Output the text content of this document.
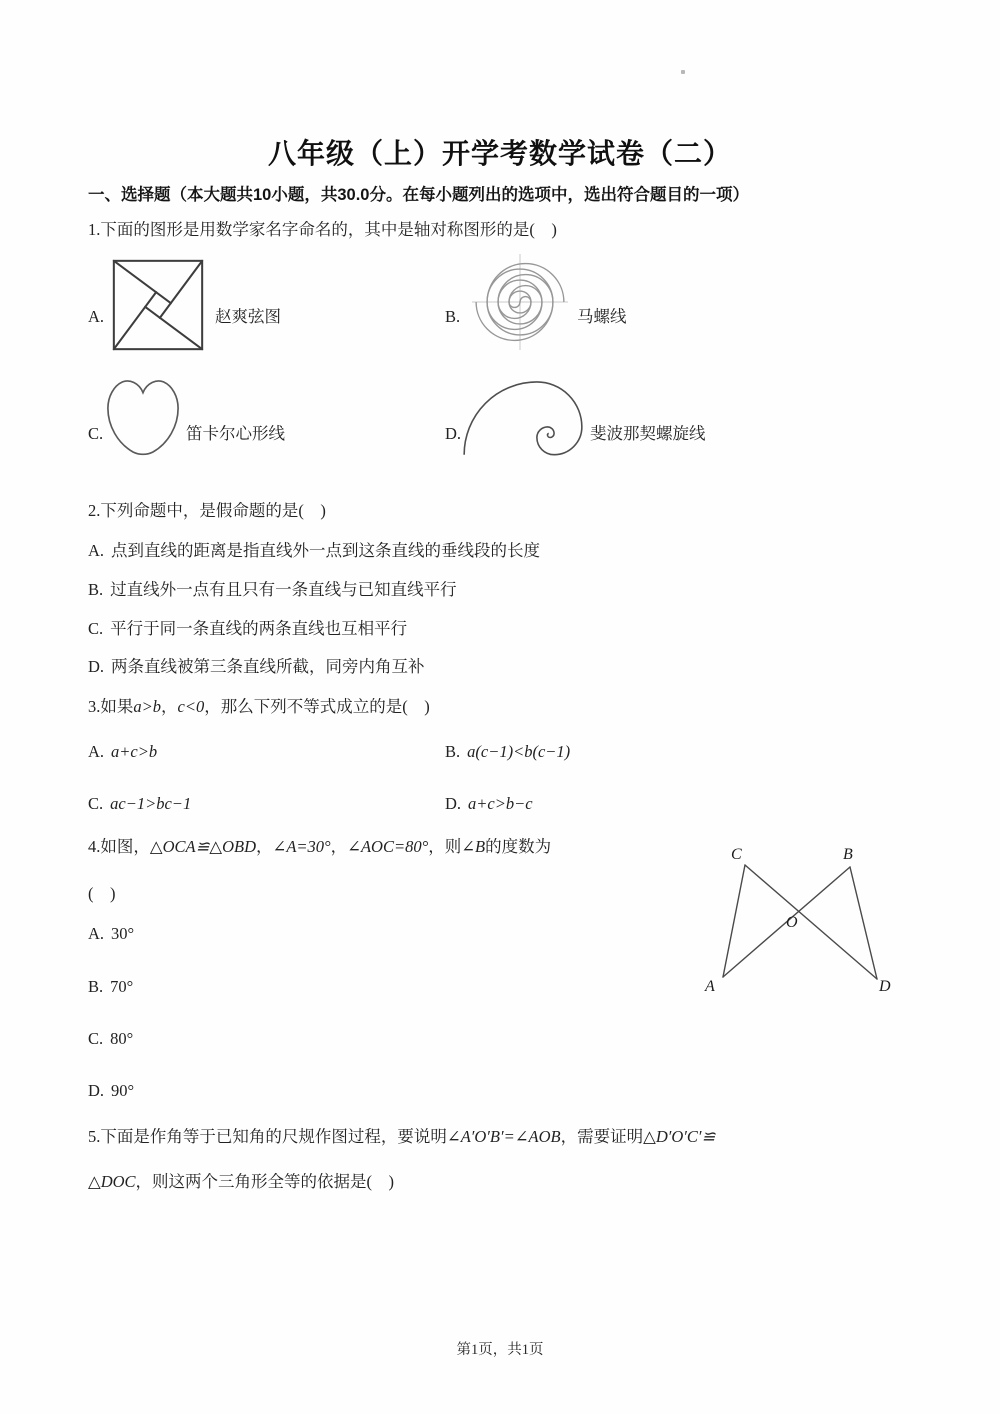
八年级（上）开学考数学试卷（二）
一、选择题（本大题共10小题，共30.0分。在每小题列出的选项中，选出符合题目的一项）
1.下面的图形是用数学家名字命名的，其中是轴对称图形的是(　)
A.	赵爽弦图	B.	马螺线
C.	笛卡尔心形线	D.	斐波那契螺旋线
2.下列命题中，是假命题的是(　)
A. 点到直线的距离是指直线外一点到这条直线的垂线段的长度
B. 过直线外一点有且只有一条直线与已知直线平行
C. 平行于同一条直线的两条直线也互相平行
D. 两条直线被第三条直线所截，同旁内角互补
3.如果a>b，c<0，那么下列不等式成立的是(　)
A. a+c>b	B. a(c−1)<b(c−1)
C. ac−1>bc−1	D. a+c>b−c
4.如图，△OCA≌△OBD，∠A=30°，∠AOC=80°，则∠B的度数为
(　)
A. 30°
B. 70°
C. 80°
D. 90°
C	B
O
A	D
5.下面是作角等于已知角的尺规作图过程，要说明∠A′O′B′=∠AOB，需要证明△D′O′C′≌
△DOC，则这两个三角形全等的依据是(　)
第1页，共1页
